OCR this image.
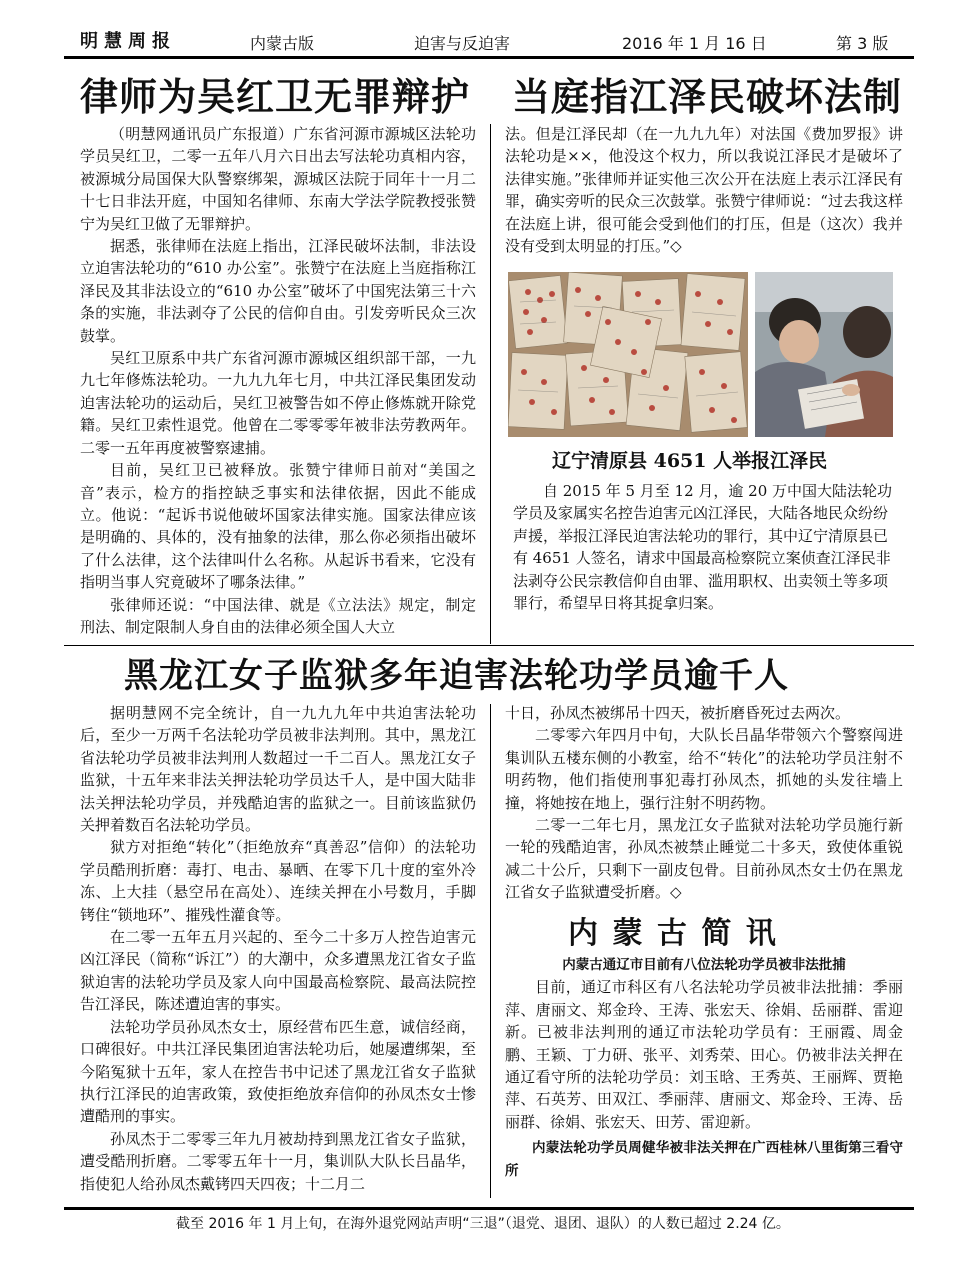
明慧周报	内蒙古版	迫害与反迫害	2016 年 1 月 16 日	第 3 版
律师为吴红卫无罪辩护 当庭指江泽民破坏法制

（明慧网通讯员广东报道）广东省河源市源城区法轮功学员吴红卫，二零一五年八月六日出去写法轮功真相内容，被源城分局国保大队警察绑架，源城区法院于同年十一月二十七日非法开庭，中国知名律师、东南大学法学院教授张赞宁为吴红卫做了无罪辩护。

据悉，张律师在法庭上指出，江泽民破坏法制，非法设立迫害法轮功的“610 办公室”。张赞宁在法庭上当庭指称江泽民及其非法设立的“610 办公室”破坏了中国宪法第三十六条的实施，非法剥夺了公民的信仰自由。引发旁听民众三次鼓掌。

吴红卫原系中共广东省河源市源城区组织部干部，一九九七年修炼法轮功。一九九九年七月，中共江泽民集团发动迫害法轮功的运动后，吴红卫被警告如不停止修炼就开除党籍。吴红卫索性退党。他曾在二零零零年被非法劳教两年。二零一五年再度被警察逮捕。

目前，吴红卫已被释放。张赞宁律师日前对“美国之音”表示，检方的指控缺乏事实和法律依据，因此不能成立。他说：“起诉书说他破坏国家法律实施。国家法律应该是明确的、具体的，没有抽象的法律，那么你必须指出破坏了什么法律，这个法律叫什么名称。从起诉书看来，它没有指明当事人究竟破坏了哪条法律。”

张律师还说：“中国法律、就是《立法法》规定，制定刑法、制定限制人身自由的法律必须全国人大立

法。但是江泽民却（在一九九九年）对法国《费加罗报》讲法轮功是××，他没这个权力，所以我说江泽民才是破坏了法律实施。”张律师并证实他三次公开在法庭上表示江泽民有罪，确实旁听的民众三次鼓掌。张赞宁律师说：“过去我这样在法庭上讲，很可能会受到他们的打压，但是（这次）我并没有受到太明显的打压。”◇

辽宁清原县 4651 人举报江泽民

自 2015 年 5 月至 12 月，逾 20 万中国大陆法轮功学员及家属实名控告迫害元凶江泽民，大陆各地民众纷纷声援，举报江泽民迫害法轮功的罪行，其中辽宁清原县已有 4651 人签名，请求中国最高检察院立案侦查江泽民非法剥夺公民宗教信仰自由罪、滥用职权、出卖领土等多项罪行，希望早日将其捉拿归案。

黑龙江女子监狱多年迫害法轮功学员逾千人

据明慧网不完全统计，自一九九九年中共迫害法轮功后，至少一万两千名法轮功学员被非法判刑。其中，黑龙江省法轮功学员被非法判刑人数超过一千二百人。黑龙江女子监狱，十五年来非法关押法轮功学员达千人，是中国大陆非法关押法轮功学员，并残酷迫害的监狱之一。目前该监狱仍关押着数百名法轮功学员。

狱方对拒绝“转化”（拒绝放弃“真善忍”信仰）的法轮功学员酷刑折磨：毒打、电击、暴晒、在零下几十度的室外冷冻、上大挂（悬空吊在高处）、连续关押在小号数月，手脚铐住“锁地环”、摧残性灌食等。

在二零一五年五月兴起的、至今二十多万人控告迫害元凶江泽民（简称“诉江”）的大潮中，众多遭黑龙江省女子监狱迫害的法轮功学员及家人向中国最高检察院、最高法院控告江泽民，陈述遭迫害的事实。

法轮功学员孙凤杰女士，原经营布匹生意，诚信经商，口碑很好。中共江泽民集团迫害法轮功后，她屡遭绑架，至今陷冤狱十五年，家人在控告书中记述了黑龙江省女子监狱执行江泽民的迫害政策，致使拒绝放弃信仰的孙凤杰女士惨遭酷刑的事实。

孙凤杰于二零零三年九月被劫持到黑龙江省女子监狱，遭受酷刑折磨。二零零五年十一月，集训队大队长吕晶华，指使犯人给孙凤杰戴铐四天四夜；十二月二

十日，孙凤杰被绑吊十四天，被折磨昏死过去两次。

二零零六年四月中旬，大队长吕晶华带领六个警察闯进集训队五楼东侧的小教室，给不“转化”的法轮功学员注射不明药物，他们指使刑事犯毒打孙凤杰，抓她的头发往墙上撞，将她按在地上，强行注射不明药物。

二零一二年七月，黑龙江女子监狱对法轮功学员施行新一轮的残酷迫害，孙凤杰被禁止睡觉二十多天，致使体重锐减二十公斤，只剩下一副皮包骨。目前孙凤杰女士仍在黑龙江省女子监狱遭受折磨。◇

内 蒙 古 简 讯

内蒙古通辽市目前有八位法轮功学员被非法批捕

目前，通辽市科区有八名法轮功学员被非法批捕：季丽萍、唐丽文、郑金玲、王涛、张宏天、徐娟、岳丽群、雷迎新。已被非法判刑的通辽市法轮功学员有：王丽霞、周金鹏、王颖、丁力研、张平、刘秀荣、田心。仍被非法关押在通辽看守所的法轮功学员：刘玉晗、王秀英、王丽辉、贾艳萍、石英芳、田双江、季丽萍、唐丽文、郑金玲、王涛、岳丽群、徐娟、张宏天、田芳、雷迎新。

内蒙法轮功学员周健华被非法关押在广西桂林八里街第三看守所

截至 2016 年 1 月上旬，在海外退党网站声明“三退”（退党、退团、退队）的人数已超过 2.24 亿。
